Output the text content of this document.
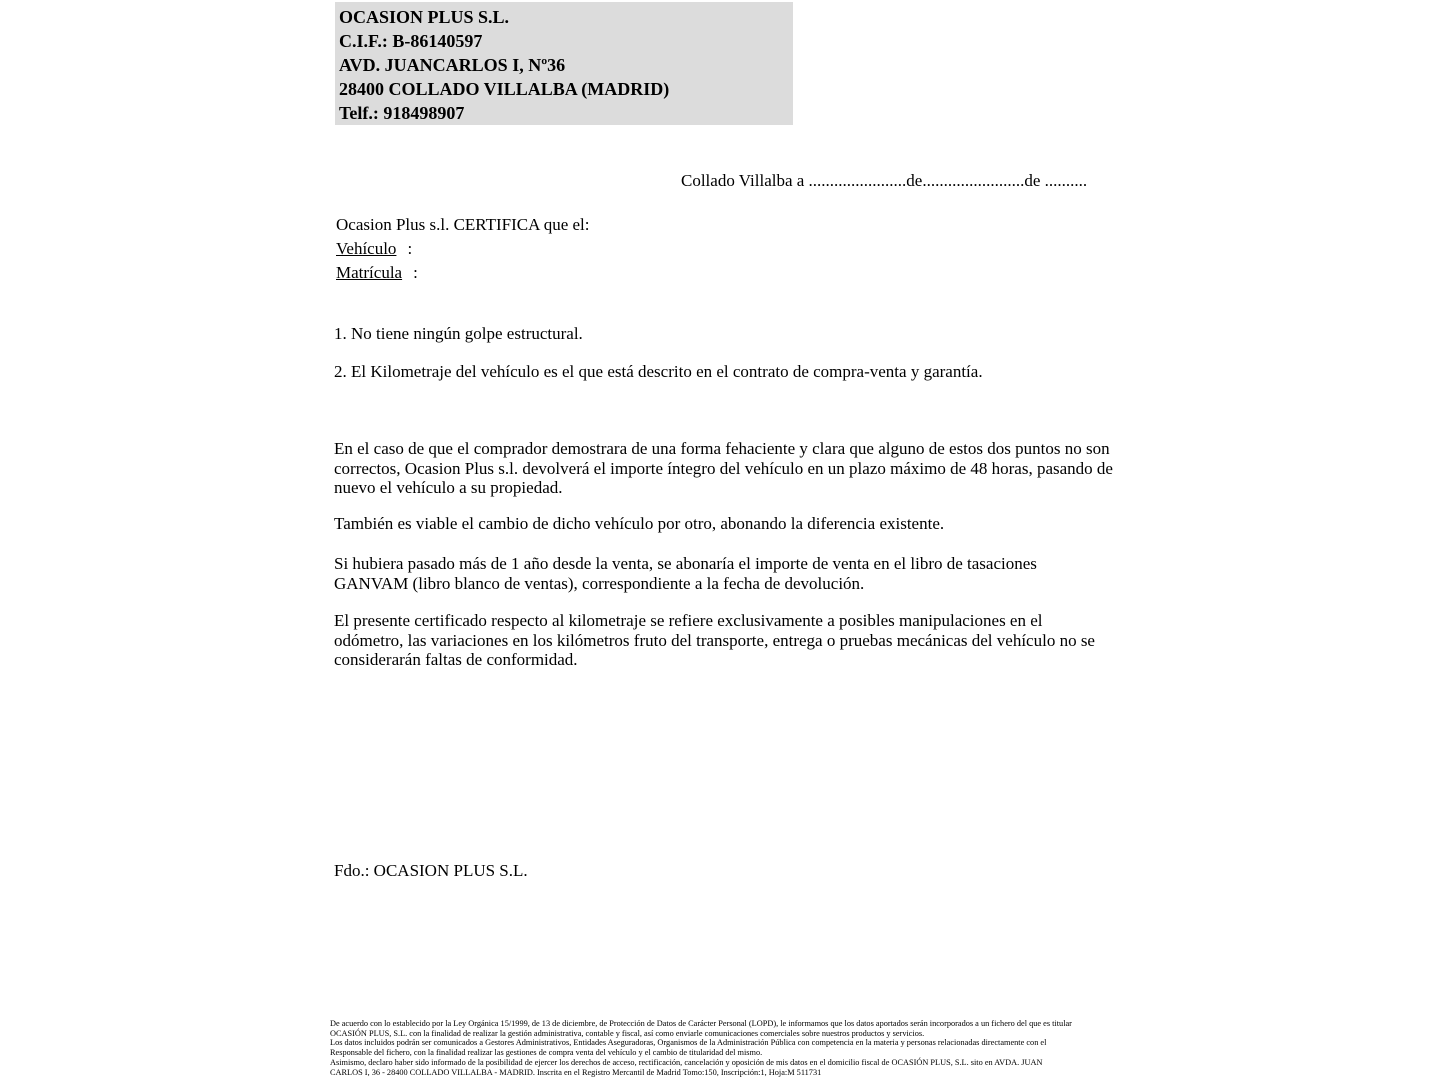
OCASION PLUS S.L.
C.I.F.: B-86140597
AVD. JUANCARLOS I, Nº36
28400 COLLADO VILLALBA (MADRID)
Telf.: 918498907
Collado Villalba a .......................de........................de ..........
Ocasion Plus s.l. CERTIFICA que el:
Vehículo :
Matrícula :
1. No tiene ningún golpe estructural.
2. El Kilometraje del vehículo es el que está descrito en el contrato de compra-venta y garantía.
En el caso de que el comprador demostrara de una forma fehaciente y clara que alguno de estos dos puntos no son correctos, Ocasion Plus s.l. devolverá el importe íntegro del vehículo en un plazo máximo de 48 horas, pasando de nuevo el vehículo a su propiedad.
También es viable el cambio de dicho vehículo por otro, abonando la diferencia existente.
Si hubiera pasado más de 1 año desde la venta, se abonaría el importe de venta en el libro de tasaciones GANVAM (libro blanco de ventas), correspondiente a la fecha de devolución.
El presente certificado respecto al kilometraje se refiere exclusivamente a posibles manipulaciones en el odómetro, las variaciones en los kilómetros fruto del transporte, entrega o pruebas mecánicas del vehículo no se considerarán faltas de conformidad.
Fdo.: OCASION PLUS S.L.
De acuerdo con lo establecido por la Ley Orgánica 15/1999, de 13 de diciembre, de Protección de Datos de Carácter Personal (LOPD), le informamos que los datos aportados serán incorporados a un fichero del que es titular
OCASIÓN PLUS, S.L. con la finalidad de realizar la gestión administrativa, contable y fiscal, así como enviarle comunicaciones comerciales sobre nuestros productos y servicios.
Los datos incluidos podrán ser comunicados a Gestores Administrativos, Entidades Aseguradoras, Organismos de la Administración Pública con competencia en la materia y personas relacionadas directamente con el
Responsable del fichero, con la finalidad realizar las gestiones de compra venta del vehículo y el cambio de titularidad del mismo.
Asimismo, declaro haber sido informado de la posibilidad de ejercer los derechos de acceso, rectificación, cancelación y oposición de mis datos en el domicilio fiscal de OCASIÓN PLUS, S.L. sito en AVDA. JUAN
CARLOS I, 36 - 28400 COLLADO VILLALBA - MADRID. Inscrita en el Registro Mercantil de Madrid Tomo:150, Inscripción:1, Hoja:M 511731
